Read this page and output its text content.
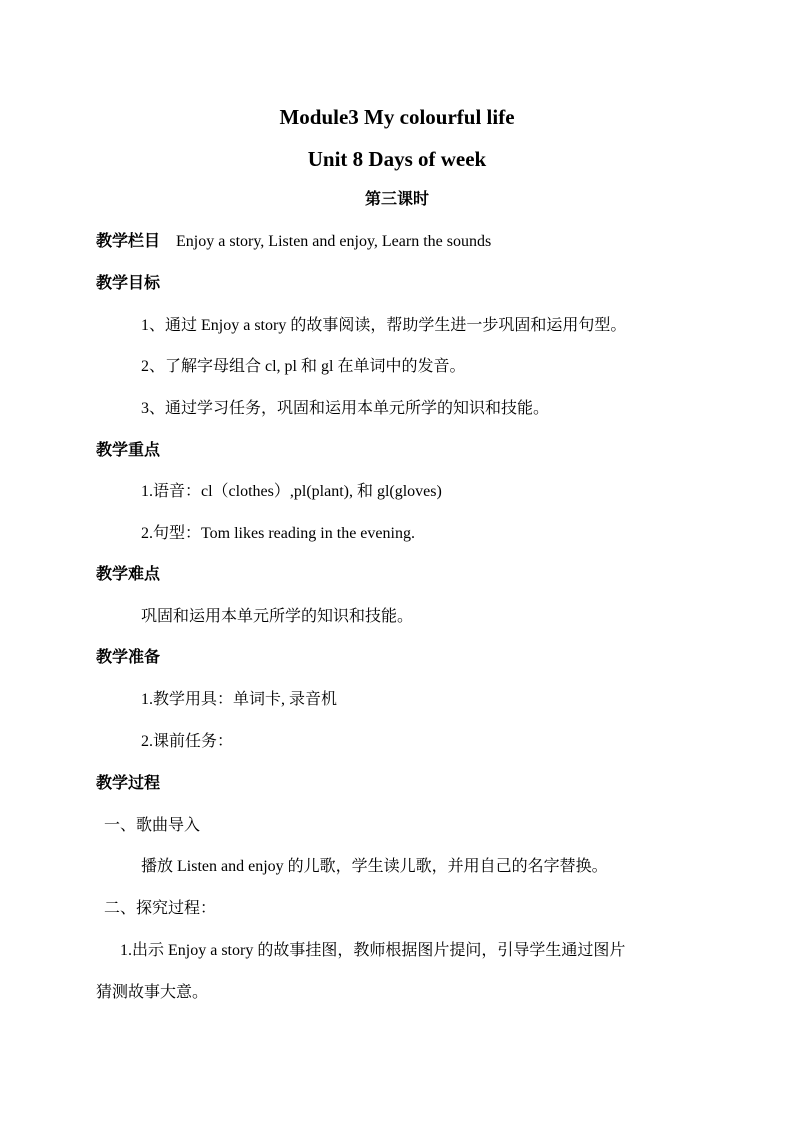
Module3 My colourful life
Unit 8 Days of week
第三课时
教学栏目 Enjoy a story, Listen and enjoy, Learn the sounds
教学目标
1、通过 Enjoy a story 的故事阅读，帮助学生进一步巩固和运用句型。
2、了解字母组合 cl, pl 和 gl 在单词中的发音。
3、通过学习任务，巩固和运用本单元所学的知识和技能。
教学重点
1.语音：cl（clothes）,pl(plant), 和 gl(gloves)
2.句型：Tom likes reading in the evening.
教学难点
巩固和运用本单元所学的知识和技能。
教学准备
1.教学用具：单词卡, 录音机
2.课前任务：
教学过程
一、歌曲导入
播放 Listen and enjoy 的儿歌，学生读儿歌，并用自己的名字替换。
二、探究过程：
1.出示 Enjoy a story 的故事挂图，教师根据图片提问，引导学生通过图片
猜测故事大意。
